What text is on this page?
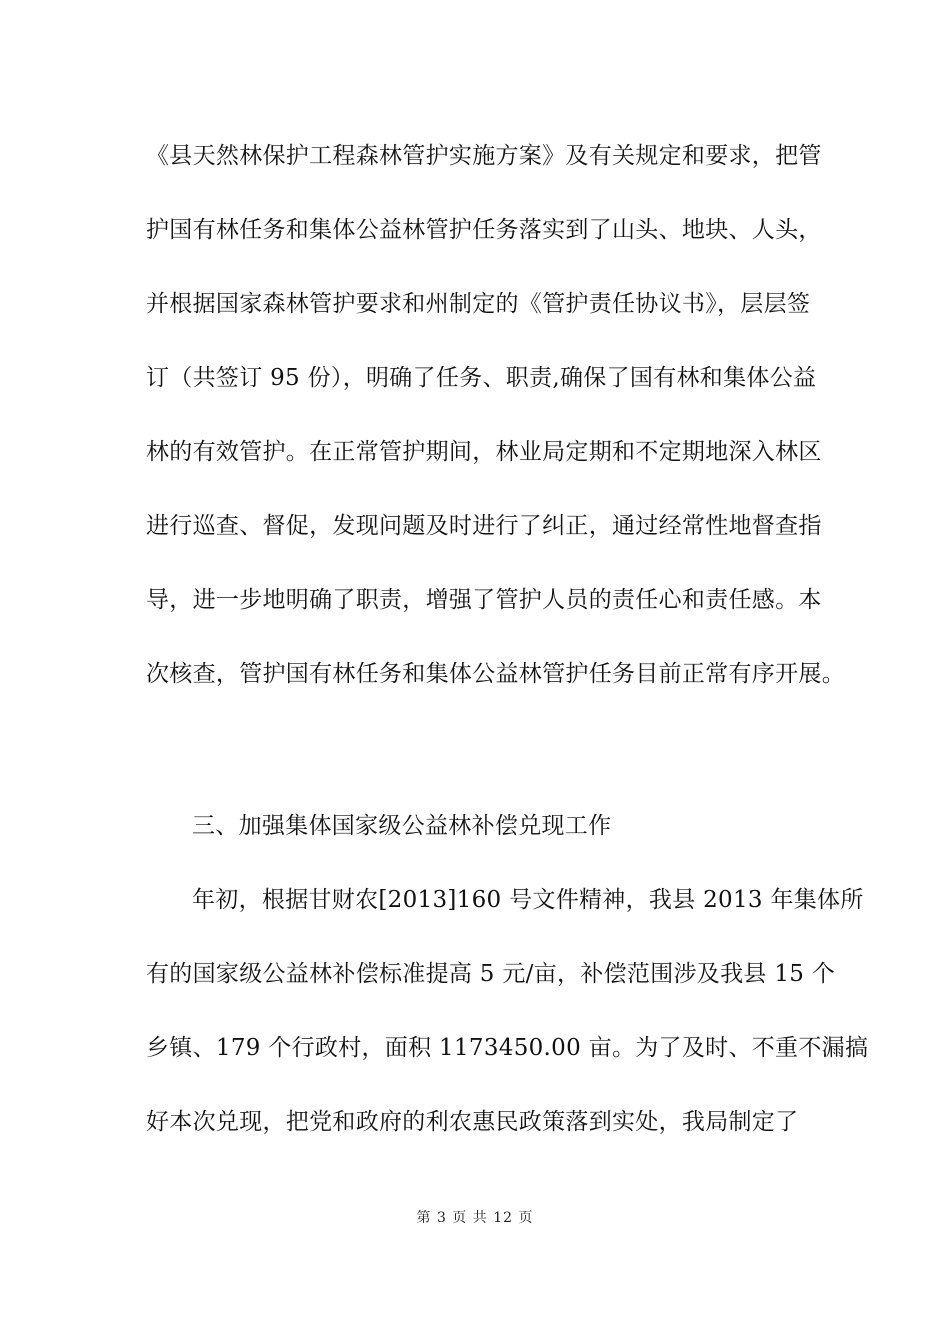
《县天然林保护工程森林管护实施方案》及有关规定和要求，把管
护国有林任务和集体公益林管护任务落实到了山头、地块、人头，
并根据国家森林管护要求和州制定的《管护责任协议书》，层层签
订（共签订 95 份），明确了任务、职责,确保了国有林和集体公益
林的有效管护。在正常管护期间，林业局定期和不定期地深入林区
进行巡查、督促，发现问题及时进行了纠正，通过经常性地督查指
导，进一步地明确了职责，增强了管护人员的责任心和责任感。本
次核查，管护国有林任务和集体公益林管护任务目前正常有序开展。
三、加强集体国家级公益林补偿兑现工作
年初，根据甘财农[2013]160 号文件精神，我县 2013 年集体所
有的国家级公益林补偿标准提高 5 元/亩，补偿范围涉及我县 15 个
乡镇、179 个行政村，面积 1173450.00 亩。为了及时、不重不漏搞
好本次兑现，把党和政府的利农惠民政策落到实处，我局制定了
第 3 页 共 12 页
